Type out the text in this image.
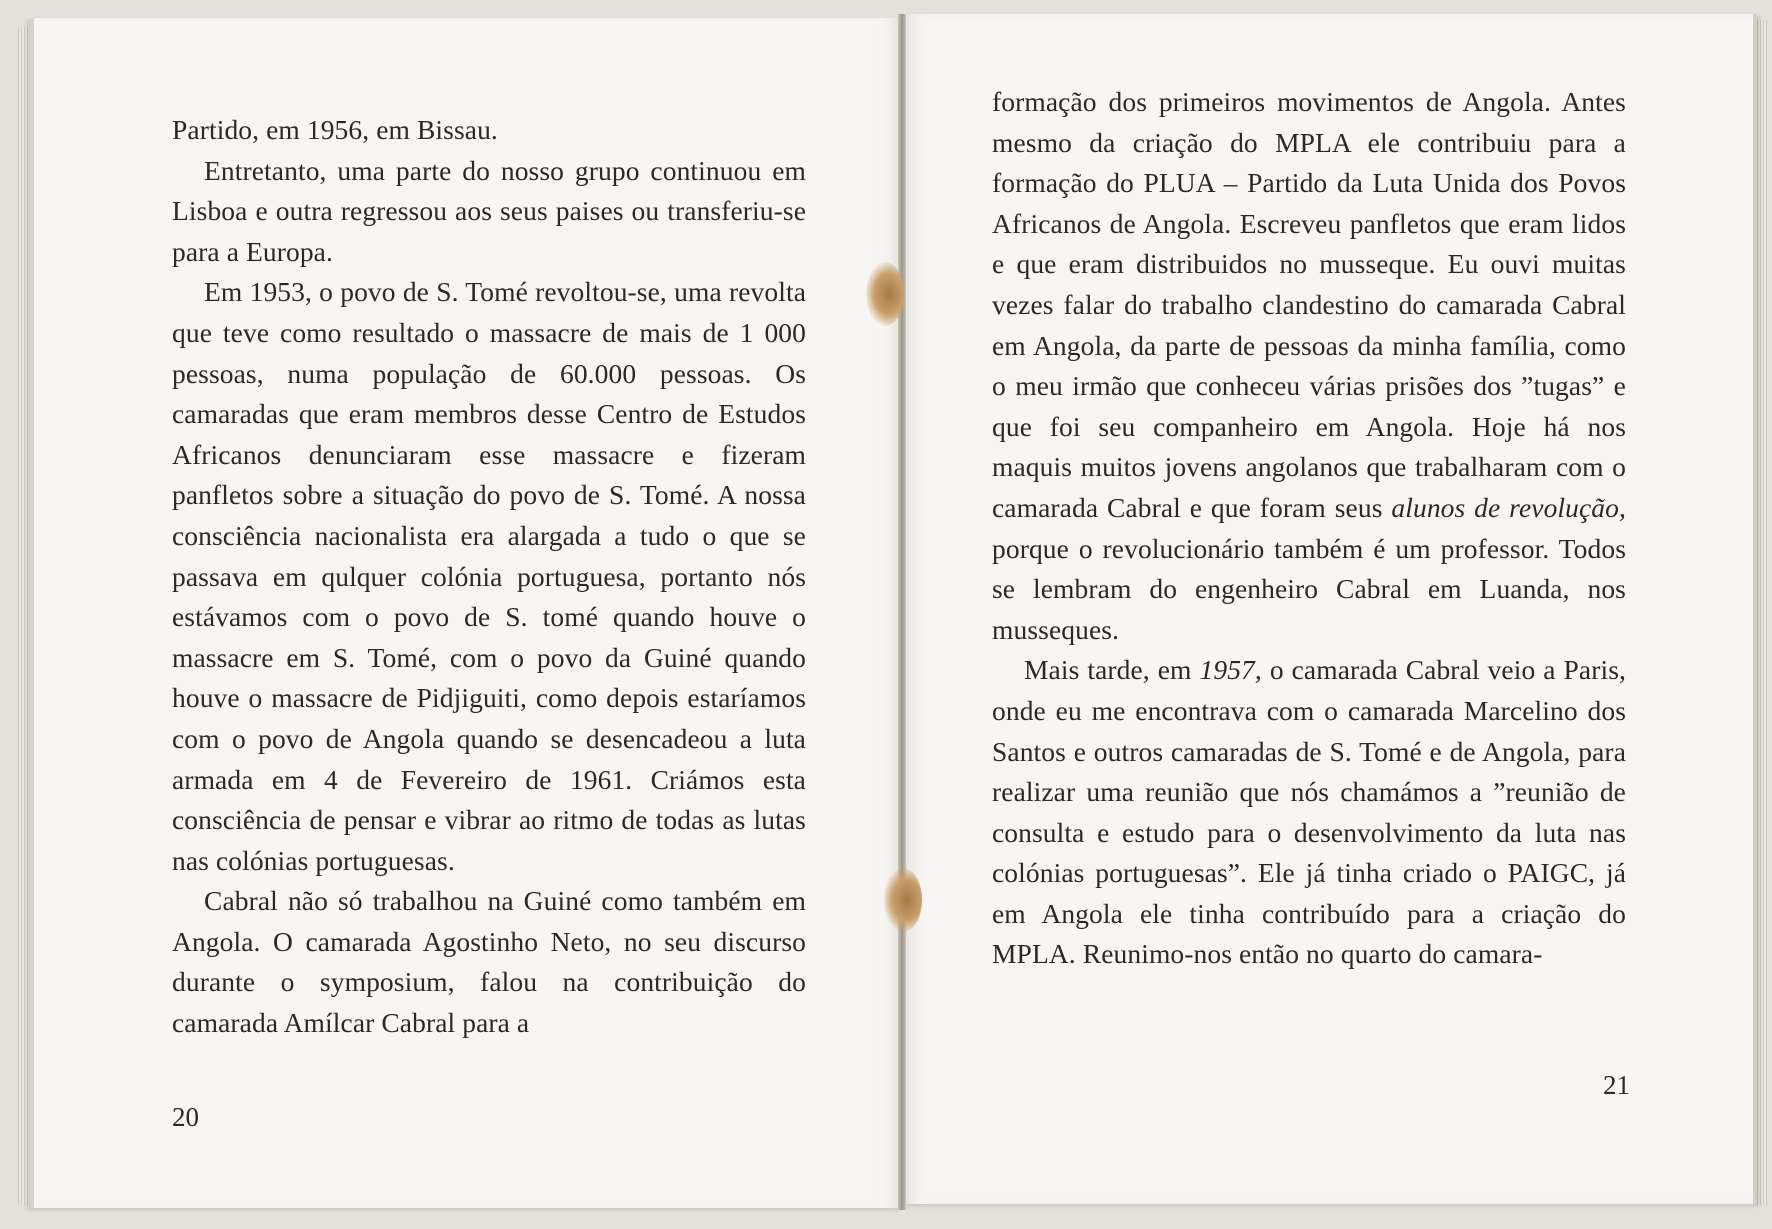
Partido, em 1956, em Bissau.

Entretanto, uma parte do nosso grupo continuou em Lisboa e outra regressou aos seus paises ou transferiu-se para a Europa.

Em 1953, o povo de S. Tomé revoltou-se, uma revolta que teve como resultado o massacre de mais de 1 000 pessoas, numa população de 60.000 pessoas. Os camaradas que eram membros desse Centro de Estudos Africanos denunciaram esse massacre e fizeram panfletos sobre a situação do povo de S. Tomé. A nossa consciência nacionalista era alargada a tudo o que se passava em qulquer colónia portuguesa, portanto nós estávamos com o povo de S. tomé quando houve o massacre em S. Tomé, com o povo da Guiné quando houve o massacre de Pidjiguiti, como depois estaríamos com o povo de Angola quando se desencadeou a luta armada em 4 de Fevereiro de 1961. Criámos esta consciência de pensar e vibrar ao ritmo de todas as lutas nas colónias portuguesas.

Cabral não só trabalhou na Guiné como também em Angola. O camarada Agostinho Neto, no seu discurso durante o symposium, falou na contribuição do camarada Amílcar Cabral para a

20

formação dos primeiros movimentos de Angola. Antes mesmo da criação do MPLA ele contribuiu para a formação do PLUA – Partido da Luta Unida dos Povos Africanos de Angola. Escreveu panfletos que eram lidos e que eram distribuidos no musseque. Eu ouvi muitas vezes falar do trabalho clandestino do camarada Cabral em Angola, da parte de pessoas da minha família, como o meu irmão que conheceu várias prisões dos ”tugas” e que foi seu companheiro em Angola. Hoje há nos maquis muitos jovens angolanos que trabalharam com o camarada Cabral e que foram seus alunos de revolução, porque o revolucionário também é um professor. Todos se lembram do engenheiro Cabral em Luanda, nos musseques.

Mais tarde, em 1957, o camarada Cabral veio a Paris, onde eu me encontrava com o camarada Marcelino dos Santos e outros camaradas de S. Tomé e de Angola, para realizar uma reunião que nós chamámos a ”reunião de consulta e estudo para o desenvolvimento da luta nas colónias portuguesas”. Ele já tinha criado o PAIGC, já em Angola ele tinha contribuído para a criação do MPLA. Reunimo-nos então no quarto do camara-

21
